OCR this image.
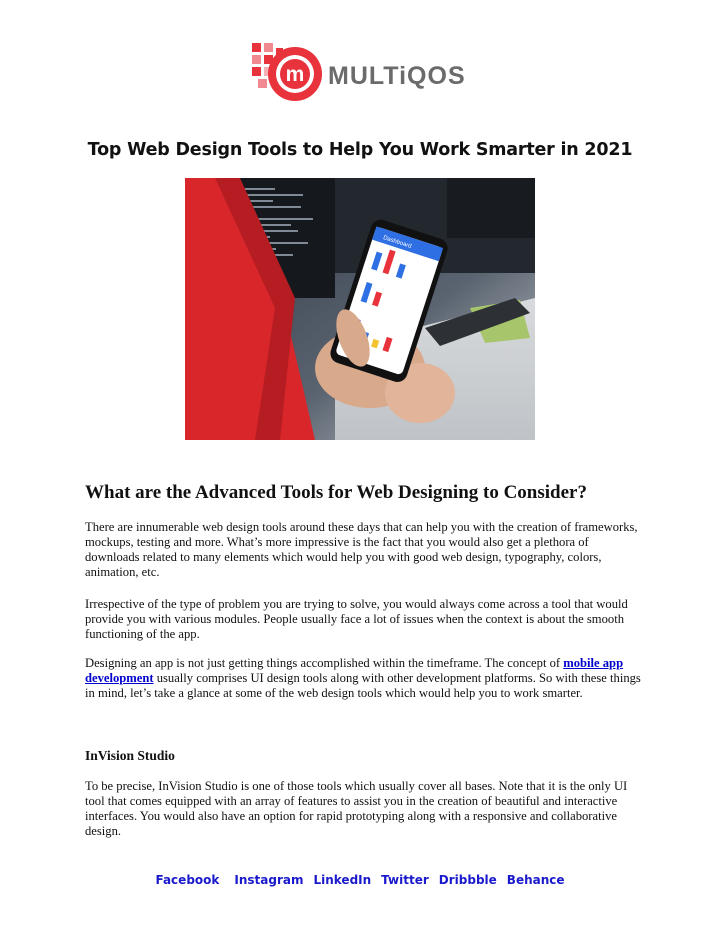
m MULTiQOS
Top Web Design Tools to Help You Work Smarter in 2021
Dashboard
What are the Advanced Tools for Web Designing to Consider?

There are innumerable web design tools around these days that can help you with the creation of frameworks, mockups, testing and more. What’s more impressive is the fact that you would also get a plethora of downloads related to many elements which would help you with good web design, typography, colors, animation, etc.

Irrespective of the type of problem you are trying to solve, you would always come across a tool that would provide you with various modules. People usually face a lot of issues when the context is about the smooth functioning of the app.

Designing an app is not just getting things accomplished within the timeframe. The concept of mobile app development usually comprises UI design tools along with other development platforms. So with these things in mind, let’s take a glance at some of the web design tools which would help you to work smarter.

InVision Studio

To be precise, InVision Studio is one of those tools which usually cover all bases. Note that it is the only UI tool that comes equipped with an array of features to assist you in the creation of beautiful and interactive interfaces. You would also have an option for rapid prototyping along with a responsive and collaborative design.

Facebook Instagram LinkedIn Twitter Dribbble Behance
